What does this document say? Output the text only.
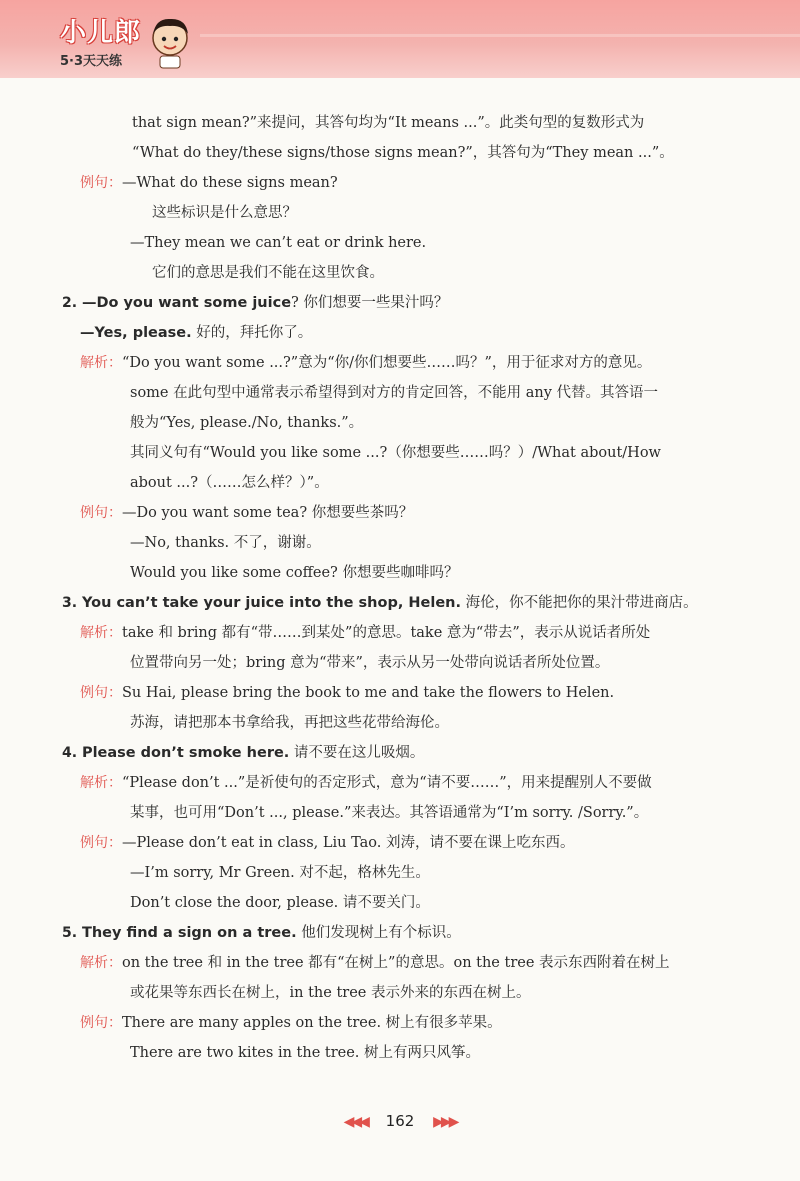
小儿郎
5·3天天练
that sign mean?”来提问，其答句均为“It means ...”。此类句型的复数形式为
“What do they/these signs/those signs mean?”，其答句为“They mean ...”。
例句：—What do these signs mean?
这些标识是什么意思？
—They mean we can’t eat or drink here.
它们的意思是我们不能在这里饮食。
2. —Do you want some juice? 你们想要一些果汁吗？
—Yes, please. 好的，拜托你了。
解析：“Do you want some ...?”意为“你/你们想要些……吗？”，用于征求对方的意见。
some 在此句型中通常表示希望得到对方的肯定回答，不能用 any 代替。其答语一
般为“Yes, please./No, thanks.”。
其同义句有“Would you like some ...?（你想要些……吗？）/What about/How
about ...?（……怎么样？）”。
例句：—Do you want some tea? 你想要些茶吗？
—No, thanks. 不了，谢谢。
Would you like some coffee? 你想要些咖啡吗？
3. You can’t take your juice into the shop, Helen. 海伦，你不能把你的果汁带进商店。
解析：take 和 bring 都有“带……到某处”的意思。take 意为“带去”，表示从说话者所处
位置带向另一处；bring 意为“带来”，表示从另一处带向说话者所处位置。
例句：Su Hai, please bring the book to me and take the flowers to Helen.
苏海，请把那本书拿给我，再把这些花带给海伦。
4. Please don’t smoke here. 请不要在这儿吸烟。
解析：“Please don’t ...”是祈使句的否定形式，意为“请不要……”，用来提醒别人不要做
某事，也可用“Don’t ..., please.”来表达。其答语通常为“I’m sorry. /Sorry.”。
例句：—Please don’t eat in class, Liu Tao. 刘涛，请不要在课上吃东西。
—I’m sorry, Mr Green. 对不起，格林先生。
Don’t close the door, please. 请不要关门。
5. They find a sign on a tree. 他们发现树上有个标识。
解析：on the tree 和 in the tree 都有“在树上”的意思。on the tree 表示东西附着在树上
或花果等东西长在树上，in the tree 表示外来的东西在树上。
例句：There are many apples on the tree. 树上有很多苹果。
There are two kites in the tree. 树上有两只风筝。
◀◀◀ 162 ▶▶▶
